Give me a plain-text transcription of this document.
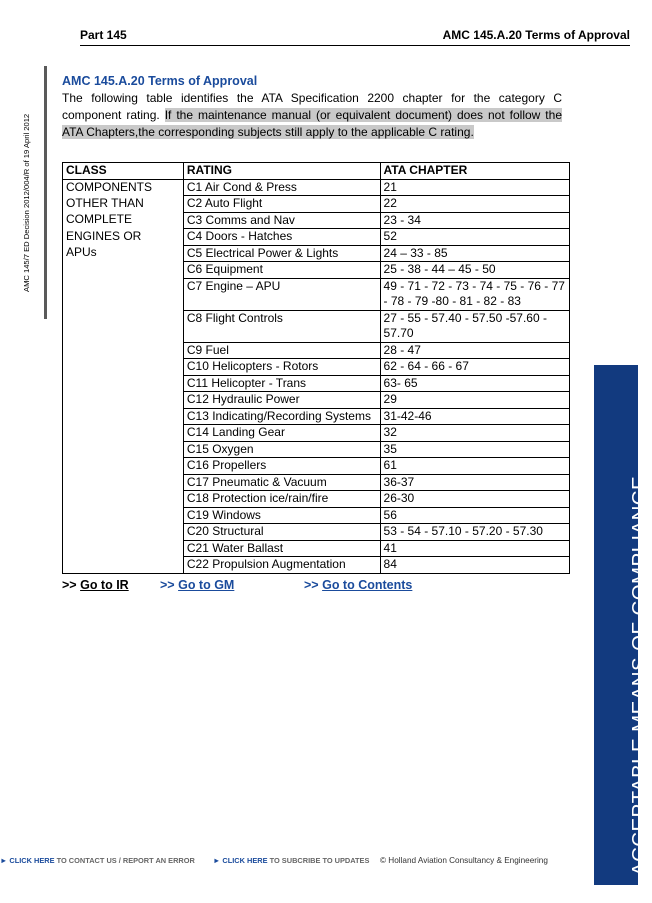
Part 145	AMC 145.A.20 Terms of Approval
AMC 145/7 ED Decision 2012/004/R of 19 April 2012
ACCEPTABLE MEANS OF COMPLIANCE
AMC 145.A.20 Terms of Approval
The following table identifies the ATA Specification 2200 chapter for the category C component rating. If the maintenance manual (or equivalent document) does not follow the ATA Chapters,the corresponding subjects still apply to the applicable C rating.
CLASS	RATING	ATA CHAPTER
COMPONENTS	C1 Air Cond & Press	21
OTHER THAN	C2 Auto Flight	22
COMPLETE	C3 Comms and Nav	23 - 34
ENGINES OR	C4 Doors - Hatches	52
APUs	C5 Electrical Power & Lights	24 – 33 - 85
	C6 Equipment	25 - 38 - 44 – 45 - 50
	C7 Engine – APU	49 - 71 - 72 - 73 - 74 - 75 - 76 - 77 - 78 - 79 -80 - 81 - 82 - 83
	C8 Flight Controls	27 - 55 - 57.40 - 57.50 -57.60 - 57.70
	C9 Fuel	28 - 47
	C10 Helicopters - Rotors	62 - 64 - 66 - 67
	C11 Helicopter - Trans	63- 65
	C12 Hydraulic Power	29
	C13 Indicating/Recording Systems	31-42-46
	C14 Landing Gear	32
	C15 Oxygen	35
	C16 Propellers	61
	C17 Pneumatic & Vacuum	36-37
	C18 Protection ice/rain/fire	26-30
	C19 Windows	56
	C20 Structural	53 - 54 - 57.10 - 57.20 - 57.30
	C21 Water Ballast	41
	C22 Propulsion Augmentation	84
>> Go to IR	>> Go to GM	>> Go to Contents
► CLICK HERE TO CONTACT US / REPORT AN ERROR ► CLICK HERE TO SUBCRIBE TO UPDATES © Holland Aviation Consultancy & Engineering
